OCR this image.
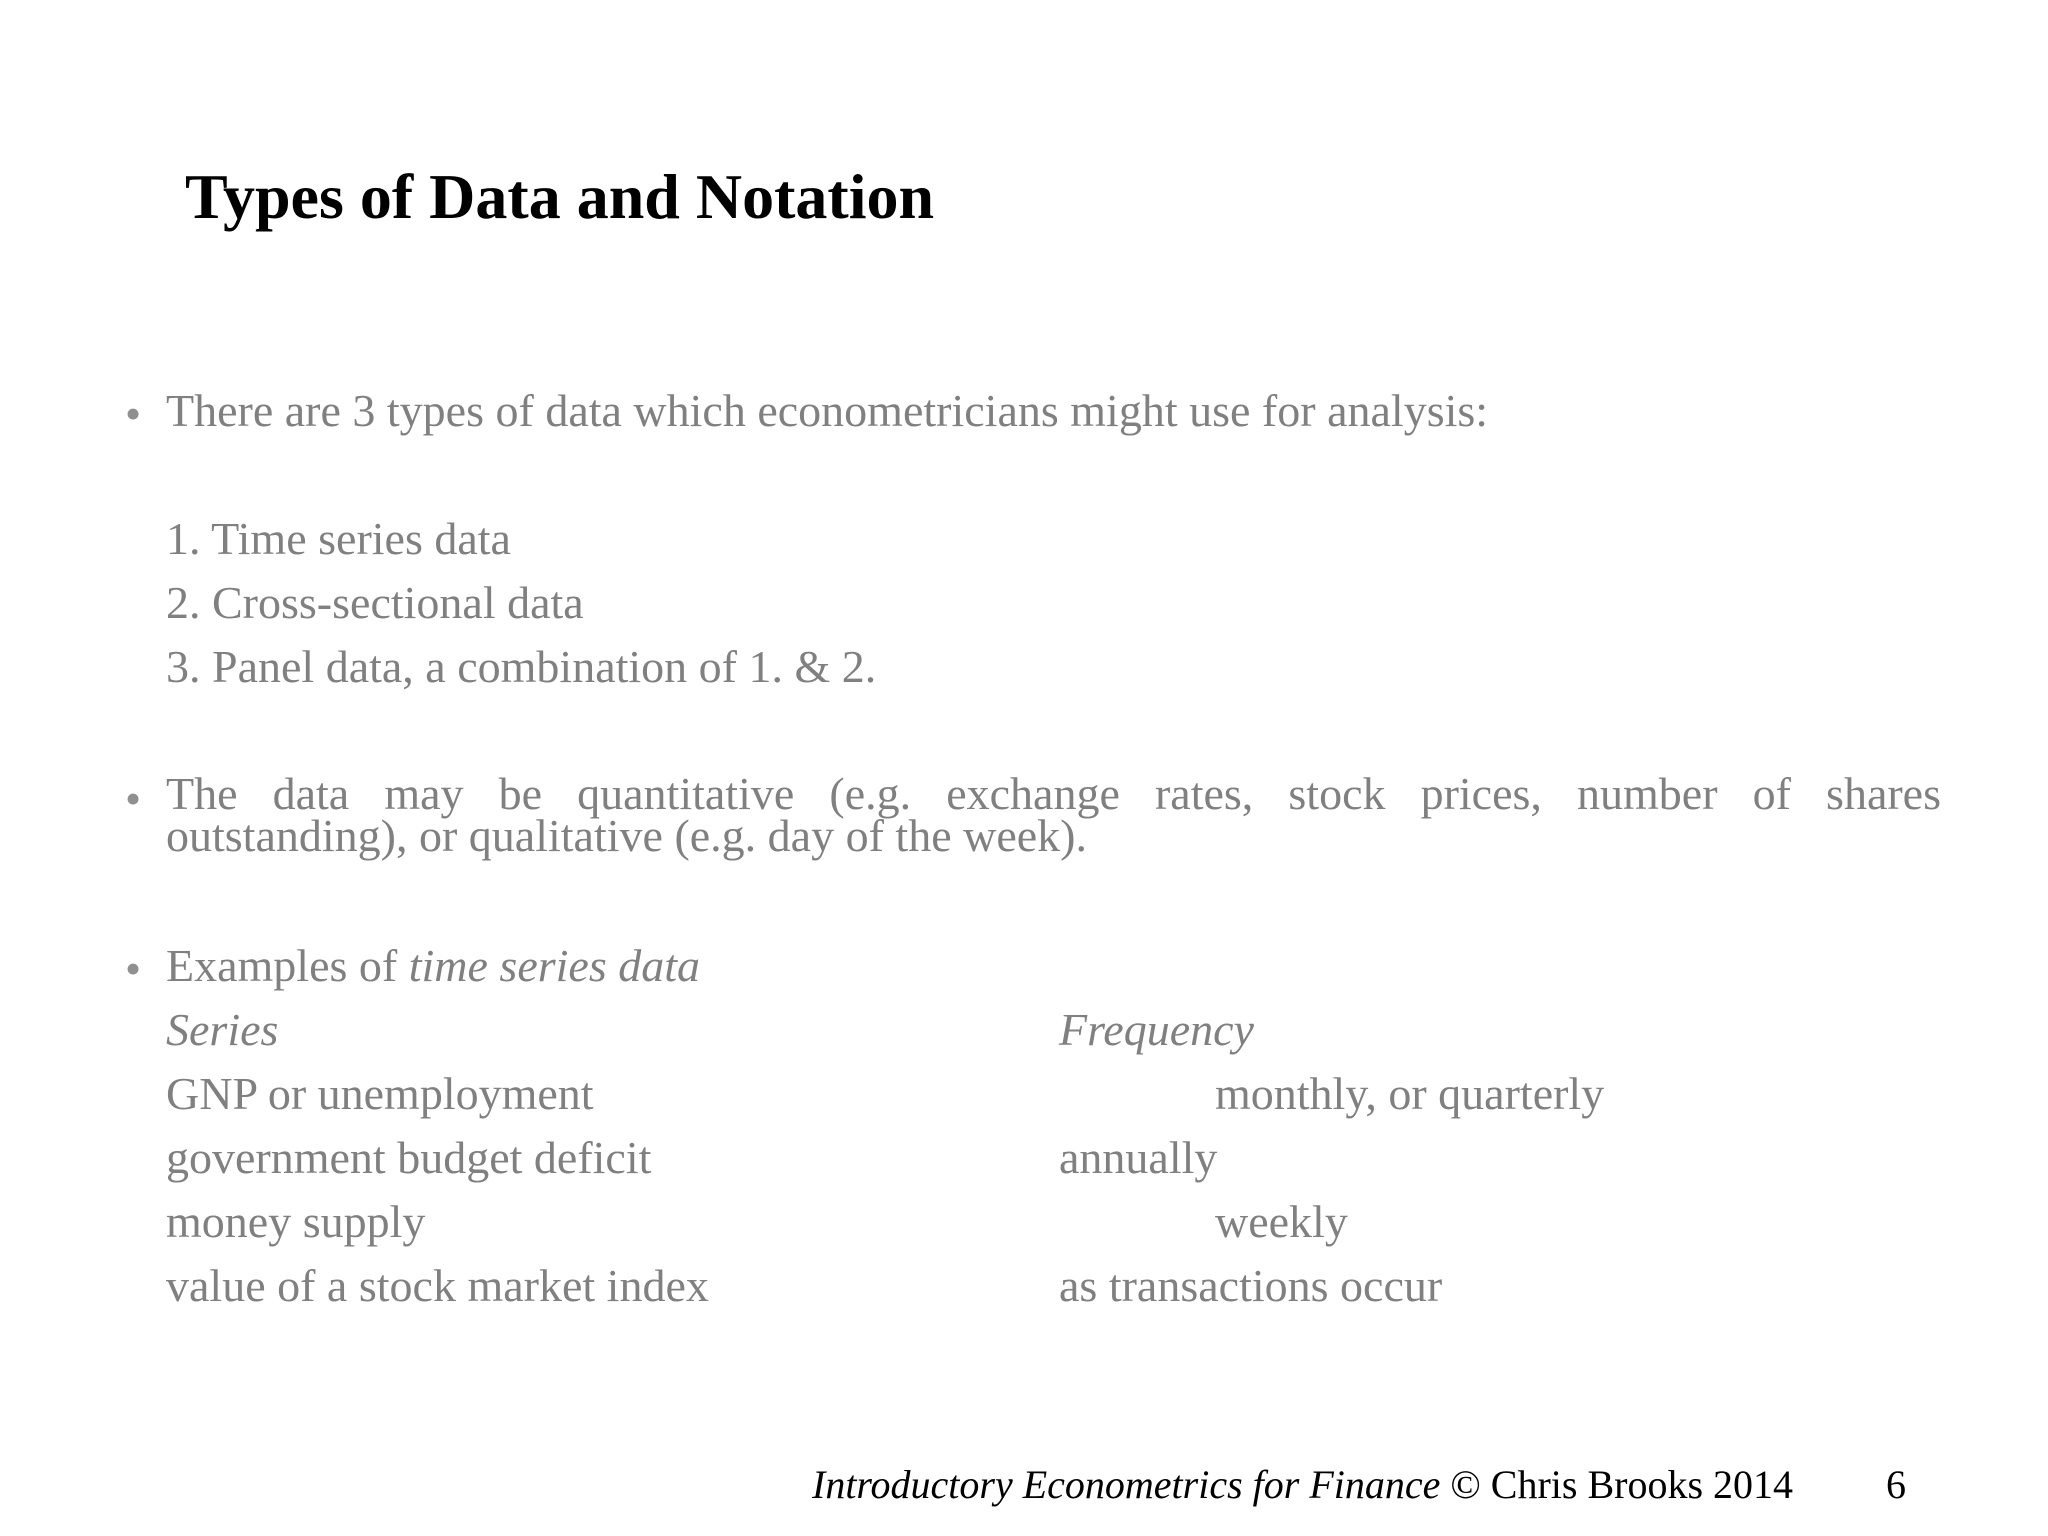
Types of Data and Notation
• There are 3 types of data which econometricians might use for analysis:
1. Time series data
2. Cross-sectional data
3. Panel data, a combination of 1. & 2.
• The data may be quantitative (e.g. exchange rates, stock prices, number of shares
outstanding), or qualitative (e.g. day of the week).
• Examples of time series data
Series	Frequency
GNP or unemployment	monthly, or quarterly
government budget deficit	annually
money supply	weekly
value of a stock market index	as transactions occur
Introductory Econometrics for Finance © Chris Brooks 2014 6
